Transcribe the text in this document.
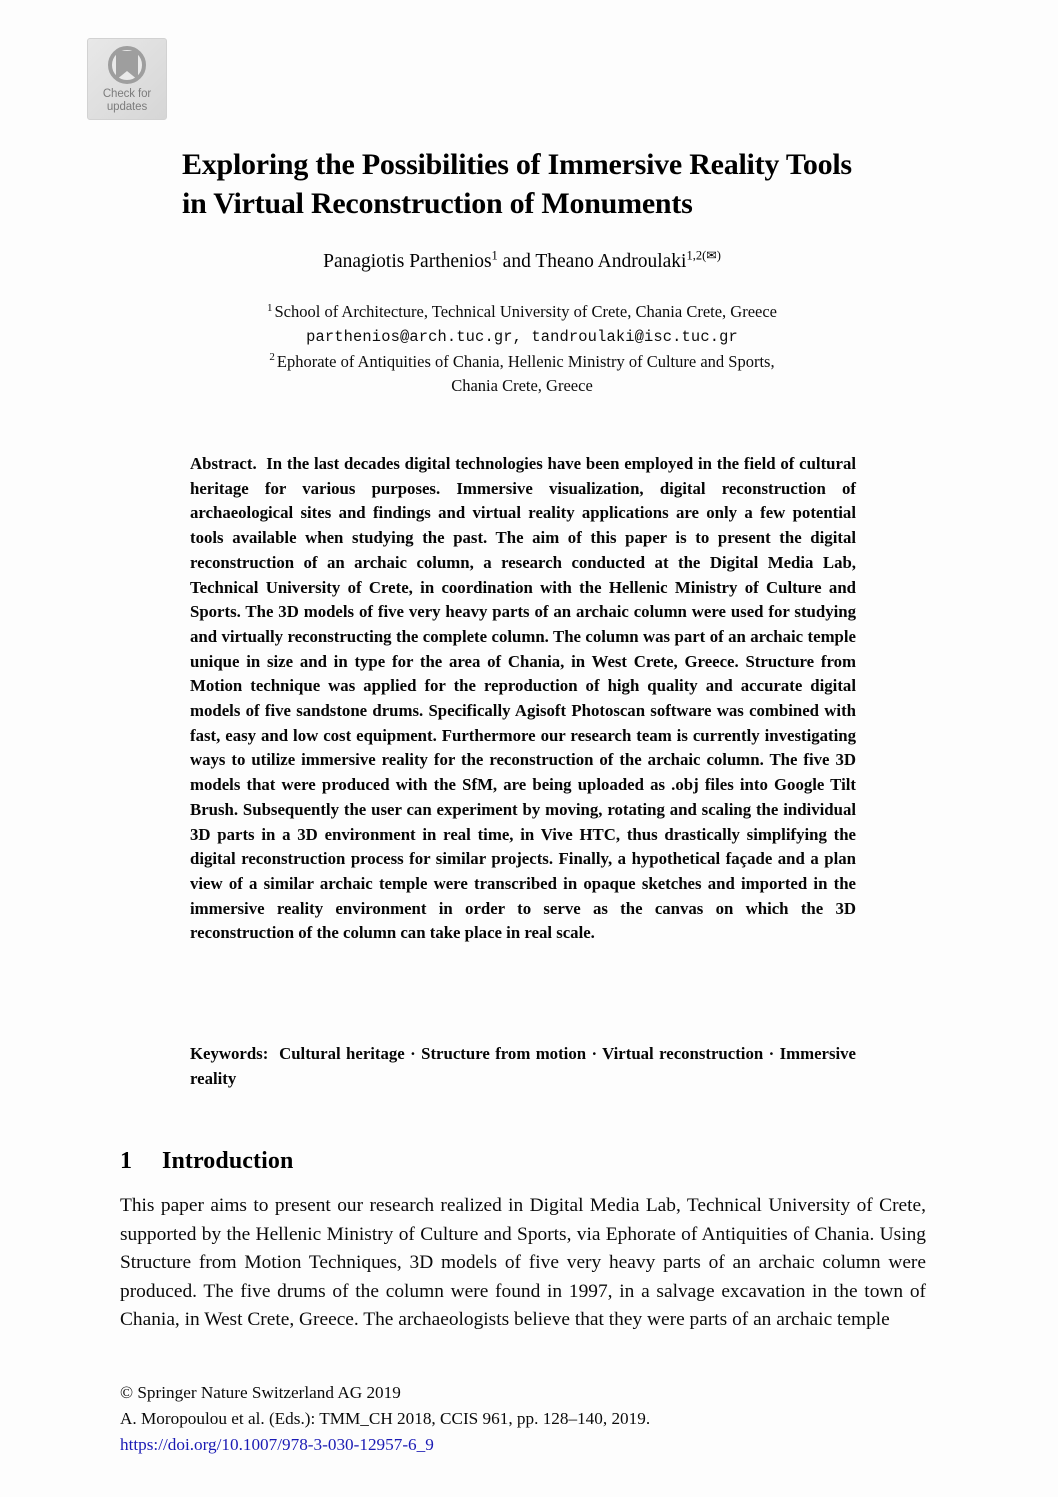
Check for
updates
Exploring the Possibilities of Immersive Reality Tools in Virtual Reconstruction of Monuments
Panagiotis Parthenios$^1$ and Theano Androulaki$^{1,2(✉)}$
$^1$ School of Architecture, Technical University of Crete, Chania Crete, Greece
parthenios@arch.tuc.gr, tandroulaki@isc.tuc.gr
$^2$ Ephorate of Antiquities of Chania, Hellenic Ministry of Culture and Sports,
Chania Crete, Greece
Abstract. In the last decades digital technologies have been employed in the field of cultural heritage for various purposes. Immersive visualization, digital reconstruction of archaeological sites and findings and virtual reality applications are only a few potential tools available when studying the past. The aim of this paper is to present the digital reconstruction of an archaic column, a research conducted at the Digital Media Lab, Technical University of Crete, in coordination with the Hellenic Ministry of Culture and Sports. The 3D models of five very heavy parts of an archaic column were used for studying and virtually reconstructing the complete column. The column was part of an archaic temple unique in size and in type for the area of Chania, in West Crete, Greece. Structure from Motion technique was applied for the reproduction of high quality and accurate digital models of five sandstone drums. Specifically Agisoft Photoscan software was combined with fast, easy and low cost equipment. Furthermore our research team is currently investigating ways to utilize immersive reality for the reconstruction of the archaic column. The five 3D models that were produced with the SfM, are being uploaded as .obj files into Google Tilt Brush. Subsequently the user can experiment by moving, rotating and scaling the individual 3D parts in a 3D environment in real time, in Vive HTC, thus drastically simplifying the digital reconstruction process for similar projects. Finally, a hypothetical façade and a plan view of a similar archaic temple were transcribed in opaque sketches and imported in the immersive reality environment in order to serve as the canvas on which the 3D reconstruction of the column can take place in real scale.
Keywords: Cultural heritage · Structure from motion · Virtual reconstruction · Immersive reality
1 Introduction
This paper aims to present our research realized in Digital Media Lab, Technical University of Crete, supported by the Hellenic Ministry of Culture and Sports, via Ephorate of Antiquities of Chania. Using Structure from Motion Techniques, 3D models of five very heavy parts of an archaic column were produced. The five drums of the column were found in 1997, in a salvage excavation in the town of Chania, in West Crete, Greece. The archaeologists believe that they were parts of an archaic temple
© Springer Nature Switzerland AG 2019
A. Moropoulou et al. (Eds.): TMM_CH 2018, CCIS 961, pp. 128–140, 2019.
https://doi.org/10.1007/978-3-030-12957-6_9
